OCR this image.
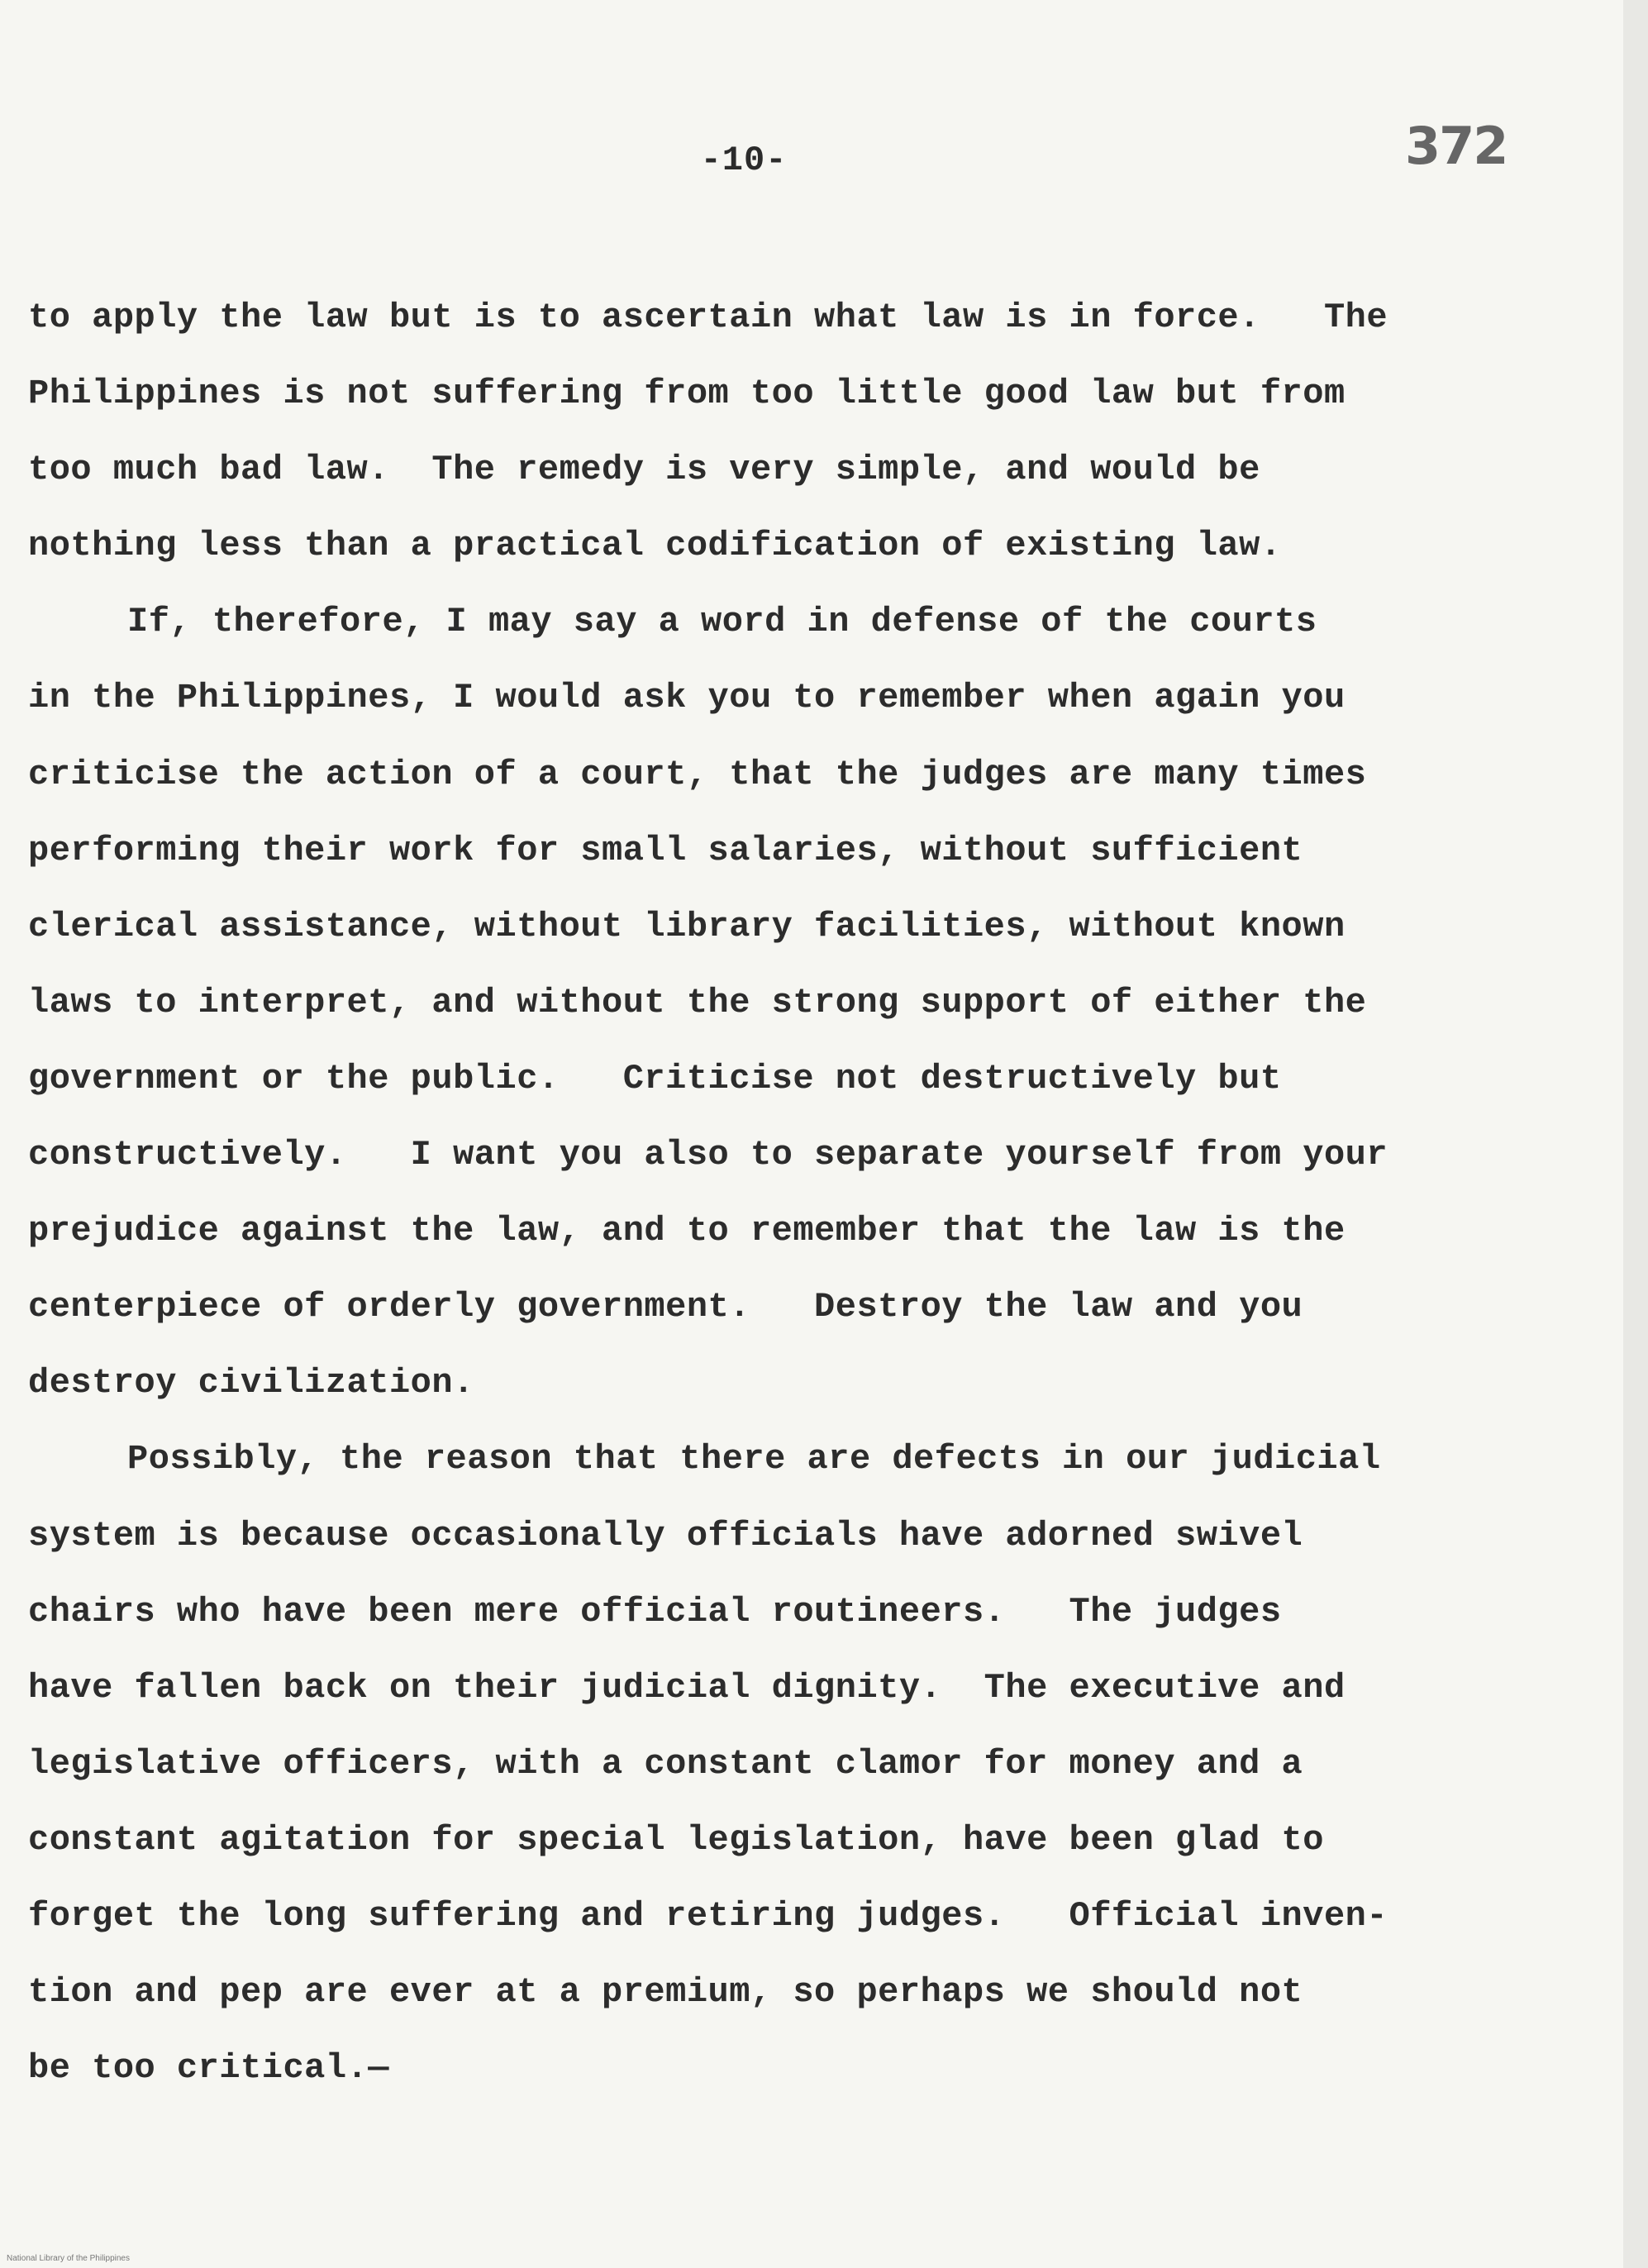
-10-	372
to apply the law but is to ascertain what law is in force.   The
Philippines is not suffering from too little good law but from
too much bad law.  The remedy is very simple, and would be
nothing less than a practical codification of existing law.
If, therefore, I may say a word in defense of the courts
in the Philippines, I would ask you to remember when again you
criticise the action of a court, that the judges are many times
performing their work for small salaries, without sufficient
clerical assistance, without library facilities, without known
laws to interpret, and without the strong support of either the
government or the public.   Criticise not destructively but
constructively.   I want you also to separate yourself from your
prejudice against the law, and to remember that the law is the
centerpiece of orderly government.   Destroy the law and you
destroy civilization.
Possibly, the reason that there are defects in our judicial
system is because occasionally officials have adorned swivel
chairs who have been mere official routineers.   The judges
have fallen back on their judicial dignity.  The executive and
legislative officers, with a constant clamor for money and a
constant agitation for special legislation, have been glad to
forget the long suffering and retiring judges.   Official inven-
tion and pep are ever at a premium, so perhaps we should not
be too critical.—
National Library of the Philippines
